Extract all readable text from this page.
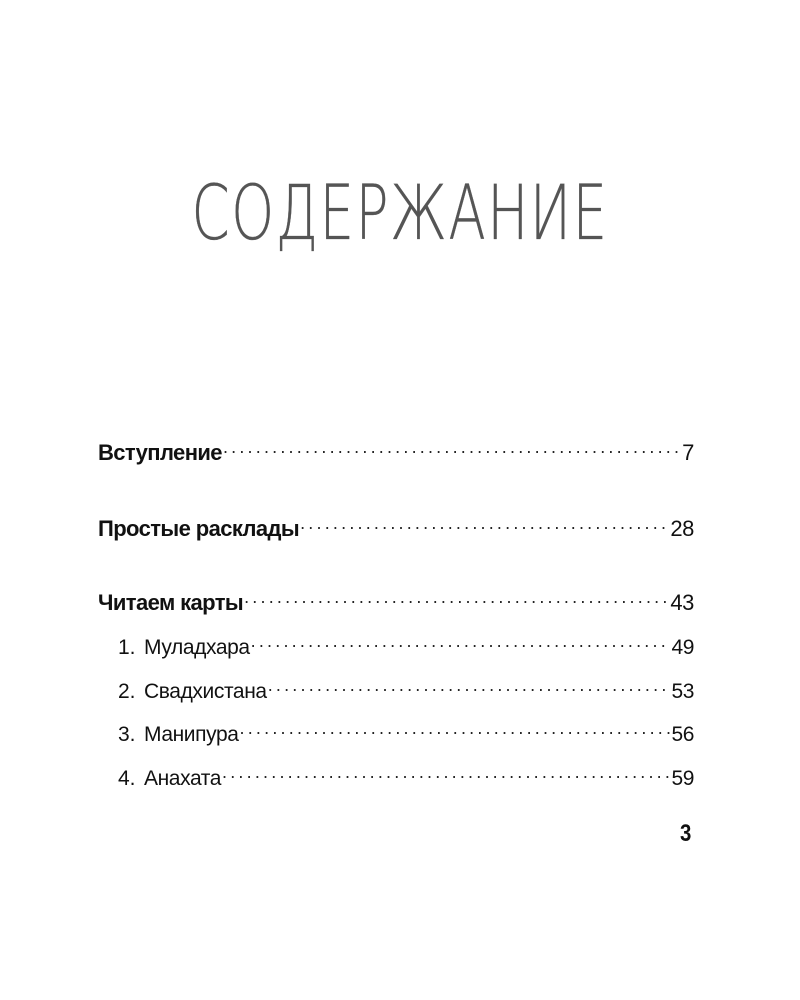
СОДЕРЖАНИЕ
Вступление .....	7
Простые расклады .....	28
Читаем карты .....	43
1. Муладхара .....	49
2. Свадхистана .....	53
3. Манипура .....	56
4. Анахата .....	59
3
